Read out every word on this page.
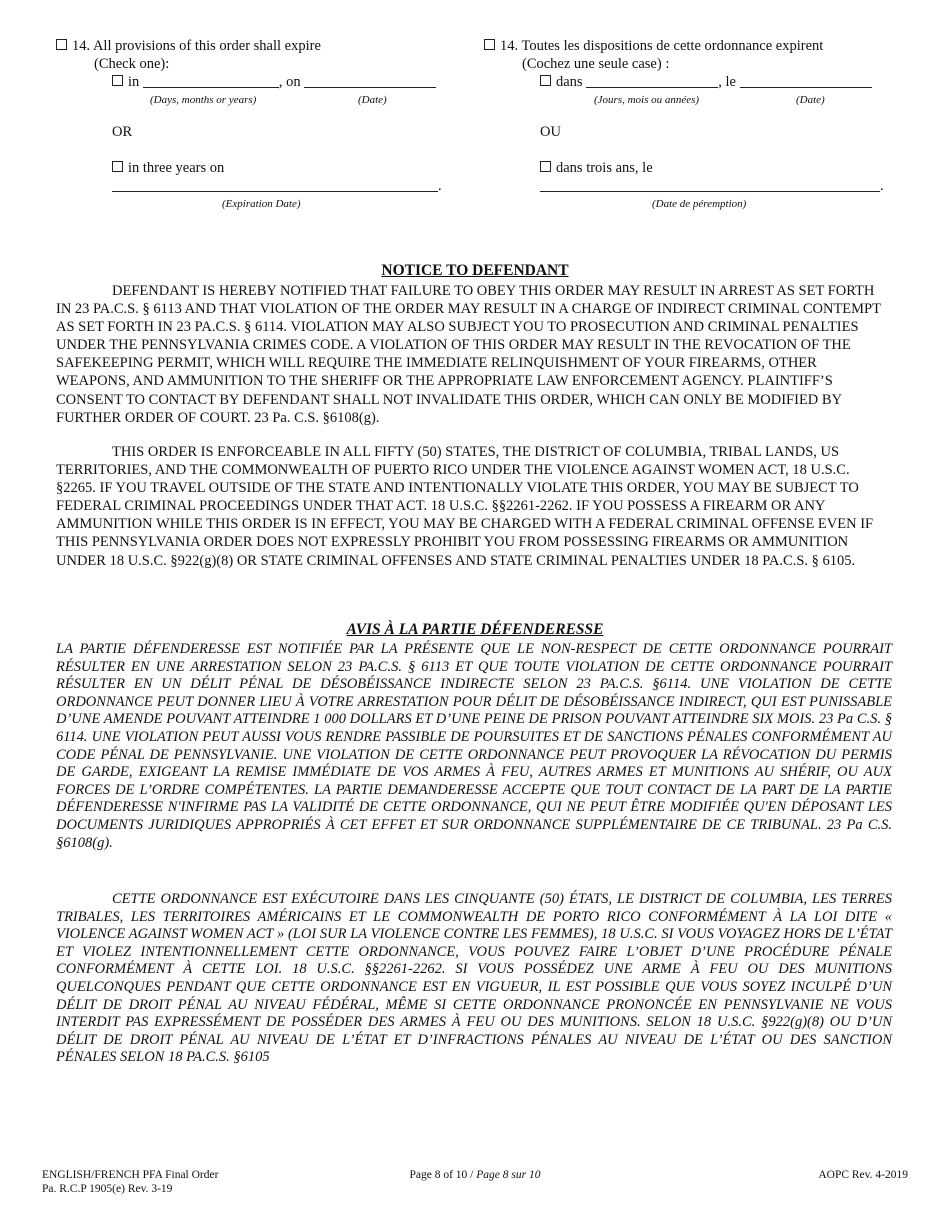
14. All provisions of this order shall expire
(Check one):
in	, on
(Days, months or years)	(Date)
OR
in three years on
.
(Expiration Date)
14. Toutes les dispositions de cette ordonnance expirent
(Cochez une seule case) :
dans	, le
(Jours, mois ou années)	(Date)
OU
dans trois ans, le
.
(Date de péremption)
NOTICE TO DEFENDANT
DEFENDANT IS HEREBY NOTIFIED THAT FAILURE TO OBEY THIS ORDER MAY RESULT IN ARREST AS SET FORTH IN 23 PA.C.S. § 6113 AND THAT VIOLATION OF THE ORDER MAY RESULT IN A CHARGE OF INDIRECT CRIMINAL CONTEMPT AS SET FORTH IN 23 PA.C.S. § 6114. VIOLATION MAY ALSO SUBJECT YOU TO PROSECUTION AND CRIMINAL PENALTIES UNDER THE PENNSYLVANIA CRIMES CODE. A VIOLATION OF THIS ORDER MAY RESULT IN THE REVOCATION OF THE SAFEKEEPING PERMIT, WHICH WILL REQUIRE THE IMMEDIATE RELINQUISHMENT OF YOUR FIREARMS, OTHER WEAPONS, AND AMMUNITION TO THE SHERIFF OR THE APPROPRIATE LAW ENFORCEMENT AGENCY. PLAINTIFF’S CONSENT TO CONTACT BY DEFENDANT SHALL NOT INVALIDATE THIS ORDER, WHICH CAN ONLY BE MODIFIED BY FURTHER ORDER OF COURT. 23 Pa. C.S. §6108(g).
THIS ORDER IS ENFORCEABLE IN ALL FIFTY (50) STATES, THE DISTRICT OF COLUMBIA, TRIBAL LANDS, US TERRITORIES, AND THE COMMONWEALTH OF PUERTO RICO UNDER THE VIOLENCE AGAINST WOMEN ACT, 18 U.S.C. §2265. IF YOU TRAVEL OUTSIDE OF THE STATE AND INTENTIONALLY VIOLATE THIS ORDER, YOU MAY BE SUBJECT TO FEDERAL CRIMINAL PROCEEDINGS UNDER THAT ACT. 18 U.S.C. §§2261-2262. IF YOU POSSESS A FIREARM OR ANY AMMUNITION WHILE THIS ORDER IS IN EFFECT, YOU MAY BE CHARGED WITH A FEDERAL CRIMINAL OFFENSE EVEN IF THIS PENNSYLVANIA ORDER DOES NOT EXPRESSLY PROHIBIT YOU FROM POSSESSING FIREARMS OR AMMUNITION UNDER 18 U.S.C. §922(g)(8) OR STATE CRIMINAL OFFENSES AND STATE CRIMINAL PENALTIES UNDER 18 PA.C.S. § 6105.
AVIS À LA PARTIE DÉFENDERESSE
LA PARTIE DÉFENDERESSE EST NOTIFIÉE PAR LA PRÉSENTE QUE LE NON-RESPECT DE CETTE ORDONNANCE POURRAIT RÉSULTER EN UNE ARRESTATION SELON 23 PA.C.S. § 6113 ET QUE TOUTE VIOLATION DE CETTE ORDONNANCE POURRAIT RÉSULTER EN UN DÉLIT PÉNAL DE DÉSOBÉISSANCE INDIRECTE SELON 23 PA.C.S. §6114. UNE VIOLATION DE CETTE ORDONNANCE PEUT DONNER LIEU À VOTRE ARRESTATION POUR DÉLIT DE DÉSOBÉISSANCE INDIRECT, QUI EST PUNISSABLE D’UNE AMENDE POUVANT ATTEINDRE 1 000 DOLLARS ET D’UNE PEINE DE PRISON POUVANT ATTEINDRE SIX MOIS. 23 Pa C.S. § 6114. UNE VIOLATION PEUT AUSSI VOUS RENDRE PASSIBLE DE POURSUITES ET DE SANCTIONS PÉNALES CONFORMÉMENT AU CODE PÉNAL DE PENNSYLVANIE. UNE VIOLATION DE CETTE ORDONNANCE PEUT PROVOQUER LA RÉVOCATION DU PERMIS DE GARDE, EXIGEANT LA REMISE IMMÉDIATE DE VOS ARMES À FEU, AUTRES ARMES ET MUNITIONS AU SHÉRIF, OU AUX FORCES DE L’ORDRE COMPÉTENTES. LA PARTIE DEMANDERESSE ACCEPTE QUE TOUT CONTACT DE LA PART DE LA PARTIE DÉFENDERESSE N'INFIRME PAS LA VALIDITÉ DE CETTE ORDONNANCE, QUI NE PEUT ÊTRE MODIFIÉE QU'EN DÉPOSANT LES DOCUMENTS JURIDIQUES APPROPRIÉS À CET EFFET ET SUR ORDONNANCE SUPPLÉMENTAIRE DE CE TRIBUNAL. 23 Pa C.S. §6108(g).
CETTE ORDONNANCE EST EXÉCUTOIRE DANS LES CINQUANTE (50) ÉTATS, LE DISTRICT DE COLUMBIA, LES TERRES TRIBALES, LES TERRITOIRES AMÉRICAINS ET LE COMMONWEALTH DE PORTO RICO CONFORMÉMENT À LA LOI DITE « VIOLENCE AGAINST WOMEN ACT » (LOI SUR LA VIOLENCE CONTRE LES FEMMES), 18 U.S.C. SI VOUS VOYAGEZ HORS DE L’ÉTAT ET VIOLEZ INTENTIONNELLEMENT CETTE ORDONNANCE, VOUS POUVEZ FAIRE L’OBJET D’UNE PROCÉDURE PÉNALE CONFORMÉMENT À CETTE LOI. 18 U.S.C. §§2261-2262. SI VOUS POSSÉDEZ UNE ARME À FEU OU DES MUNITIONS QUELCONQUES PENDANT QUE CETTE ORDONNANCE EST EN VIGUEUR, IL EST POSSIBLE QUE VOUS SOYEZ INCULPÉ D’UN DÉLIT DE DROIT PÉNAL AU NIVEAU FÉDÉRAL, MÊME SI CETTE ORDONNANCE PRONONCÉE EN PENNSYLVANIE NE VOUS INTERDIT PAS EXPRESSÉMENT DE POSSÉDER DES ARMES À FEU OU DES MUNITIONS. SELON 18 U.S.C. §922(g)(8) OU D’UN DÉLIT DE DROIT PÉNAL AU NIVEAU DE L’ÉTAT ET D’INFRACTIONS PÉNALES AU NIVEAU DE L’ÉTAT OU DES SANCTION PÉNALES SELON 18 PA.C.S. §6105
ENGLISH/FRENCH PFA Final Order
Pa. R.C.P 1905(e) Rev. 3-19
Page 8 of 10 / Page 8 sur 10	AOPC Rev. 4-2019
